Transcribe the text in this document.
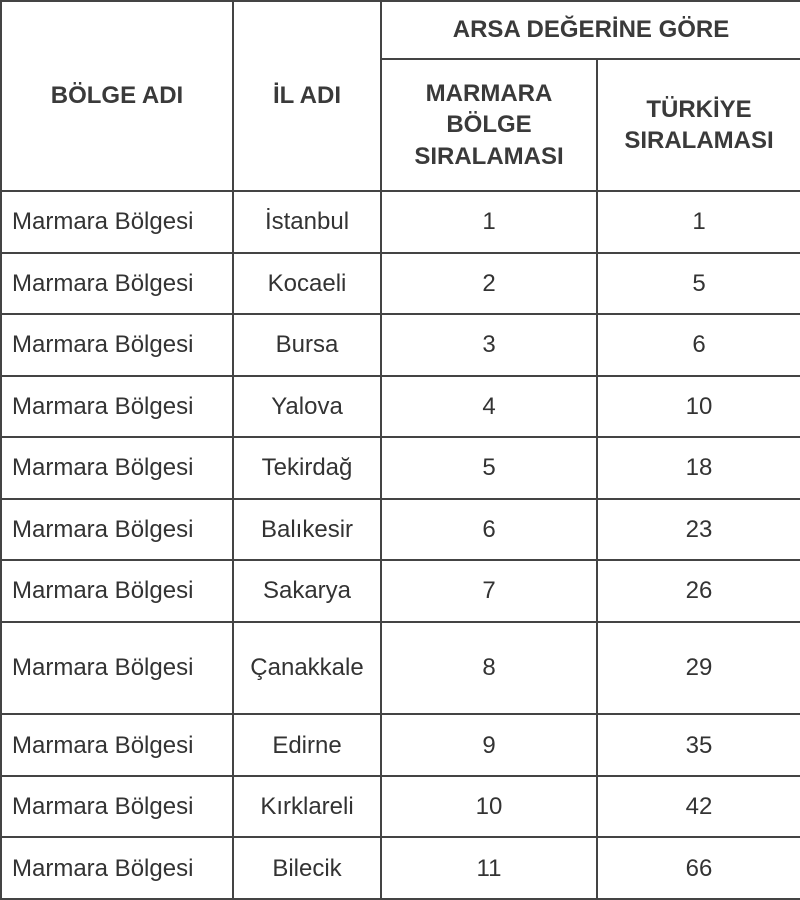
BÖLGE ADI	İL ADI	ARSA DEĞERİNE GÖRE	
		MARMARA BÖLGE SIRALAMASI	TÜRKİYE SIRALAMASI
Marmara Bölgesi	İstanbul	1	1
Marmara Bölgesi	Kocaeli	2	5
Marmara Bölgesi	Bursa	3	6
Marmara Bölgesi	Yalova	4	10
Marmara Bölgesi	Tekirdağ	5	18
Marmara Bölgesi	Balıkesir	6	23
Marmara Bölgesi	Sakarya	7	26
Marmara Bölgesi	Çanakkale	8	29
Marmara Bölgesi	Edirne	9	35
Marmara Bölgesi	Kırklareli	10	42
Marmara Bölgesi	Bilecik	11	66
